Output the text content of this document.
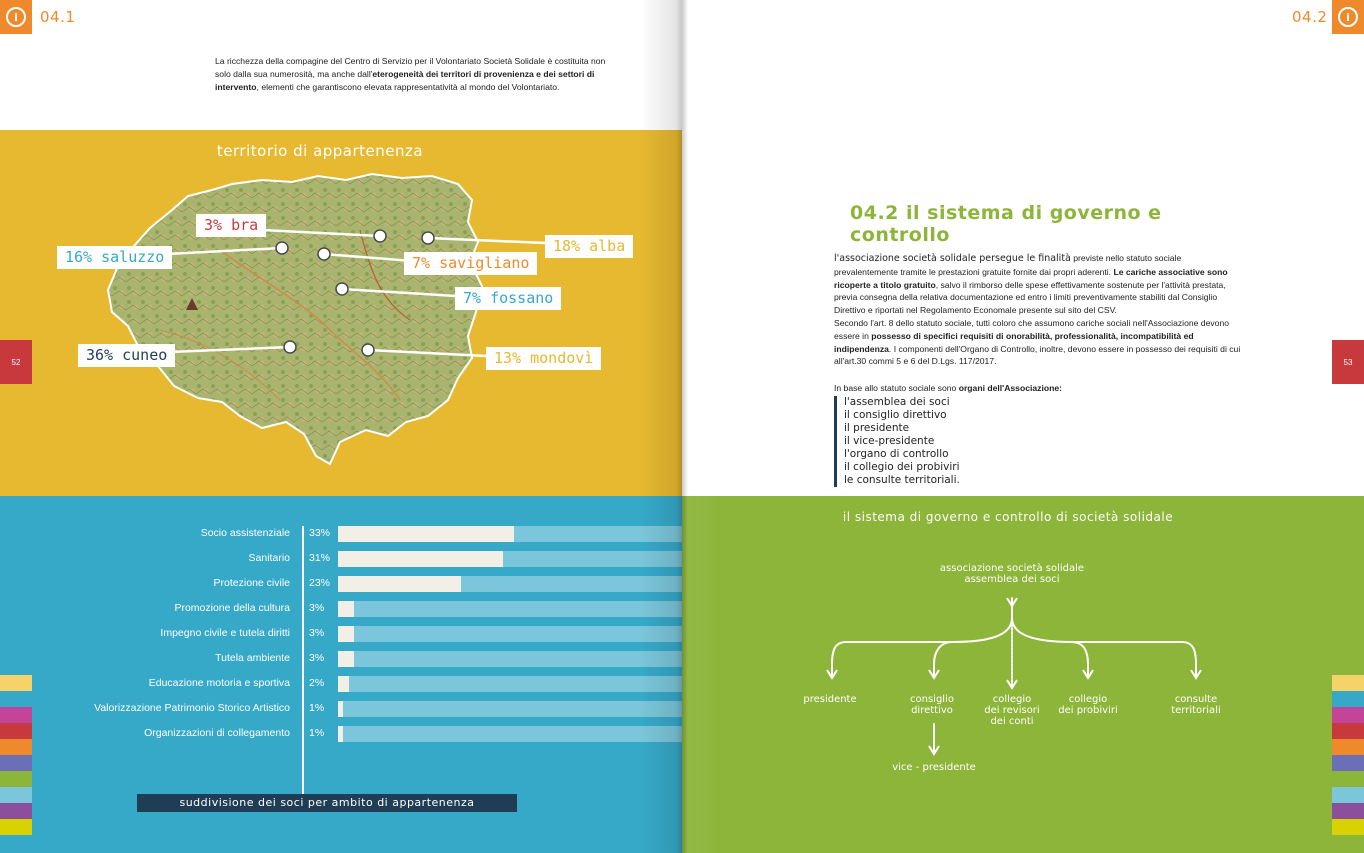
i	04.1

La ricchezza della compagine del Centro di Servizio per il Volontariato Società Solidale è costituita non solo dalla sua numerosità, ma anche dall'eterogeneità dei territori di provenienza e dei settori di intervento, elementi che garantiscono elevata rappresentatività al mondo del Volontariato.

territorio di appartenenza
3% bra
16% saluzzo
18% alba
7% savigliano
7% fossano
36% cuneo	13% mondovì
52
Socio assistenziale 33%
Sanitario 31%
Protezione civile 23%
Promozione della cultura 3%
Impegno civile e tutela diritti 3%
Tutela ambiente 3%
Educazione motoria e sportiva 2%
Valorizzazione Patrimonio Storico Artistico 1%
Organizzazioni di collegamento 1%
suddivisione dei soci per ambito di appartenenza
04.2	i
04.2 il sistema di governo e controllo

l'associazione società solidale persegue le finalità previste nello statuto sociale prevalentemente tramite le prestazioni gratuite fornite dai propri aderenti. Le cariche associative sono ricoperte a titolo gratuito, salvo il rimborso delle spese effettivamente sostenute per l'attività prestata, previa consegna della relativa documentazione ed entro i limiti preventivamente stabiliti dal Consiglio Direttivo e riportati nel Regolamento Economale presente sul sito del CSV.

Secondo l'art. 8 dello statuto sociale, tutti coloro che assumono cariche sociali nell'Associazione devono essere in possesso di specifici requisiti di onorabilità, professionalità, incompatibilità ed indipendenza. I componenti dell'Organo di Controllo, inoltre, devono essere in possesso dei requisiti di cui all'art.30 commi 5 e 6 del D.Lgs. 117/2017.

In base allo statuto sociale sono organi dell'Associazione:

l'assemblea dei soci
il consiglio direttivo
il presidente
il vice-presidente
l'organo di controllo
il collegio dei probiviri
le consulte territoriali.
53
il sistema di governo e controllo di società solidale
associazione società solidale
assemblea dei soci
presidente	consiglio
direttivo
collegio
dei revisori
dei conti
collegio
dei probiviri
consulte
territoriali
vice - presidente
